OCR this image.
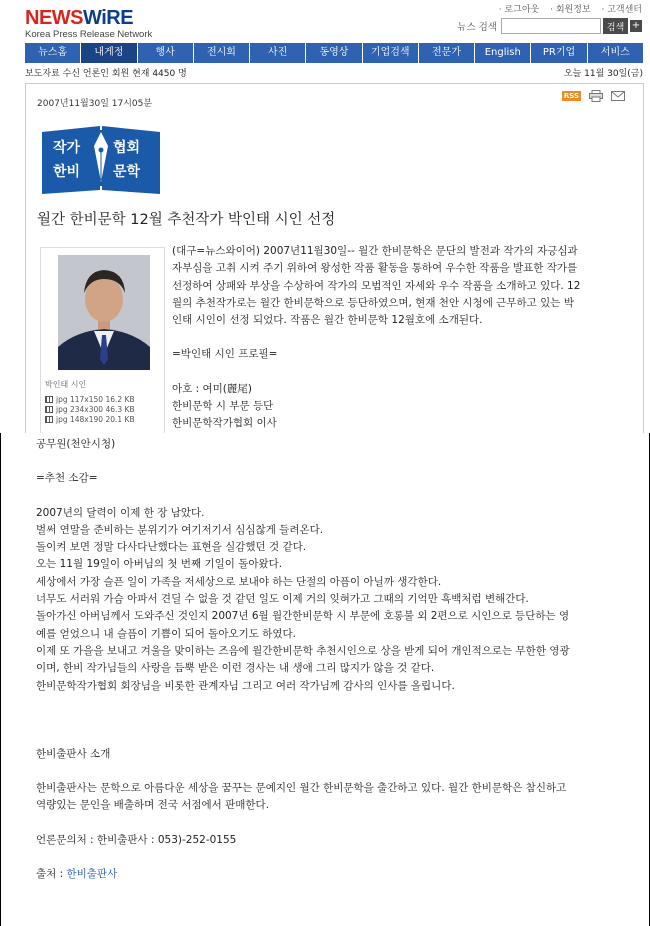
NEWSWiRE
Korea Press Release Network
· 로그아웃 · 회원정보 · 고객센터
뉴스 검색	검색 +
뉴스홈	내게정	행사	전시회	사진	동영상	기업검색	전문가	English	PR기업	서비스
보도자료 수신 언론인 회원 현재 4450 명	오늘 11월 30일(금)
2007년11월30일 17시05분
RSS
작가 협회
한비 문학
월간 한비문학 12월 추천작가 박인태 시인 선정
박인태 시인
jpg 117x150 16.2 KB
jpg 234x300 46.3 KB
jpg 148x190 20.1 KB
(대구=뉴스와이어) 2007년11월30일-- 월간 한비문학은 문단의 발전과 작가의 자긍심과
자부심을 고취 시켜 주기 위하여 왕성한 작품 활동을 통하여 우수한 작품을 발표한 작가를
선정하여 상패와 부상을 수상하여 작가의 모범적인 자세와 우수 작품을 소개하고 있다. 12
월의 추천작가로는 월간 한비문학으로 등단하였으며, 현재 천안 시청에 근무하고 있는 박
인태 시인이 선정 되었다. 작품은 월간 한비문학 12월호에 소개된다.
=박인태 시인 프로필=
아호 : 여미(麗尾)
한비문학 시 부문 등단
한비문학작가협회 이사
공무원(천안시청)
=추천 소감=
2007년의 달력이 이제 한 장 남았다.
벌써 연말을 준비하는 분위기가 여기저기서 심심찮게 들려온다.
돌이켜 보면 정말 다사다난했다는 표현을 실감했던 것 같다.
오는 11월 19일이 아버님의 첫 번째 기일이 돌아왔다.
세상에서 가장 슬픈 일이 가족을 저세상으로 보내야 하는 단절의 아픔이 아닐까 생각한다.
너무도 서러워 가슴 아파서 견딜 수 없을 것 같던 일도 이제 거의 잊혀가고 그때의 기억만 흑백처럼 변해간다.
돌아가신 아버님께서 도와주신 것인지 2007년 6월 월간한비문학 시 부문에 호롱불 외 2편으로 시인으로 등단하는 영
예를 얻었으니 내 슬픔이 기쁨이 되어 돌아오기도 하였다.
이제 또 가을을 보내고 겨울을 맞이하는 즈음에 월간한비문학 추천시인으로 상을 받게 되어 개인적으로는 무한한 영광
이며, 한비 작가님들의 사랑을 듬뿍 받은 이런 경사는 내 생애 그리 많지가 않을 것 같다.
한비문학작가협회 회장님을 비롯한 관계자님 그리고 여러 작가님께 감사의 인사를 올립니다.
한비출판사 소개
한비출판사는 문학으로 아름다운 세상을 꿈꾸는 문예지인 월간 한비문학을 출간하고 있다. 월간 한비문학은 참신하고
역량있는 문인을 배출하며 전국 서점에서 판매한다.
언론문의처 : 한비출판사 : 053)-252-0155
출처 : 한비출판사
